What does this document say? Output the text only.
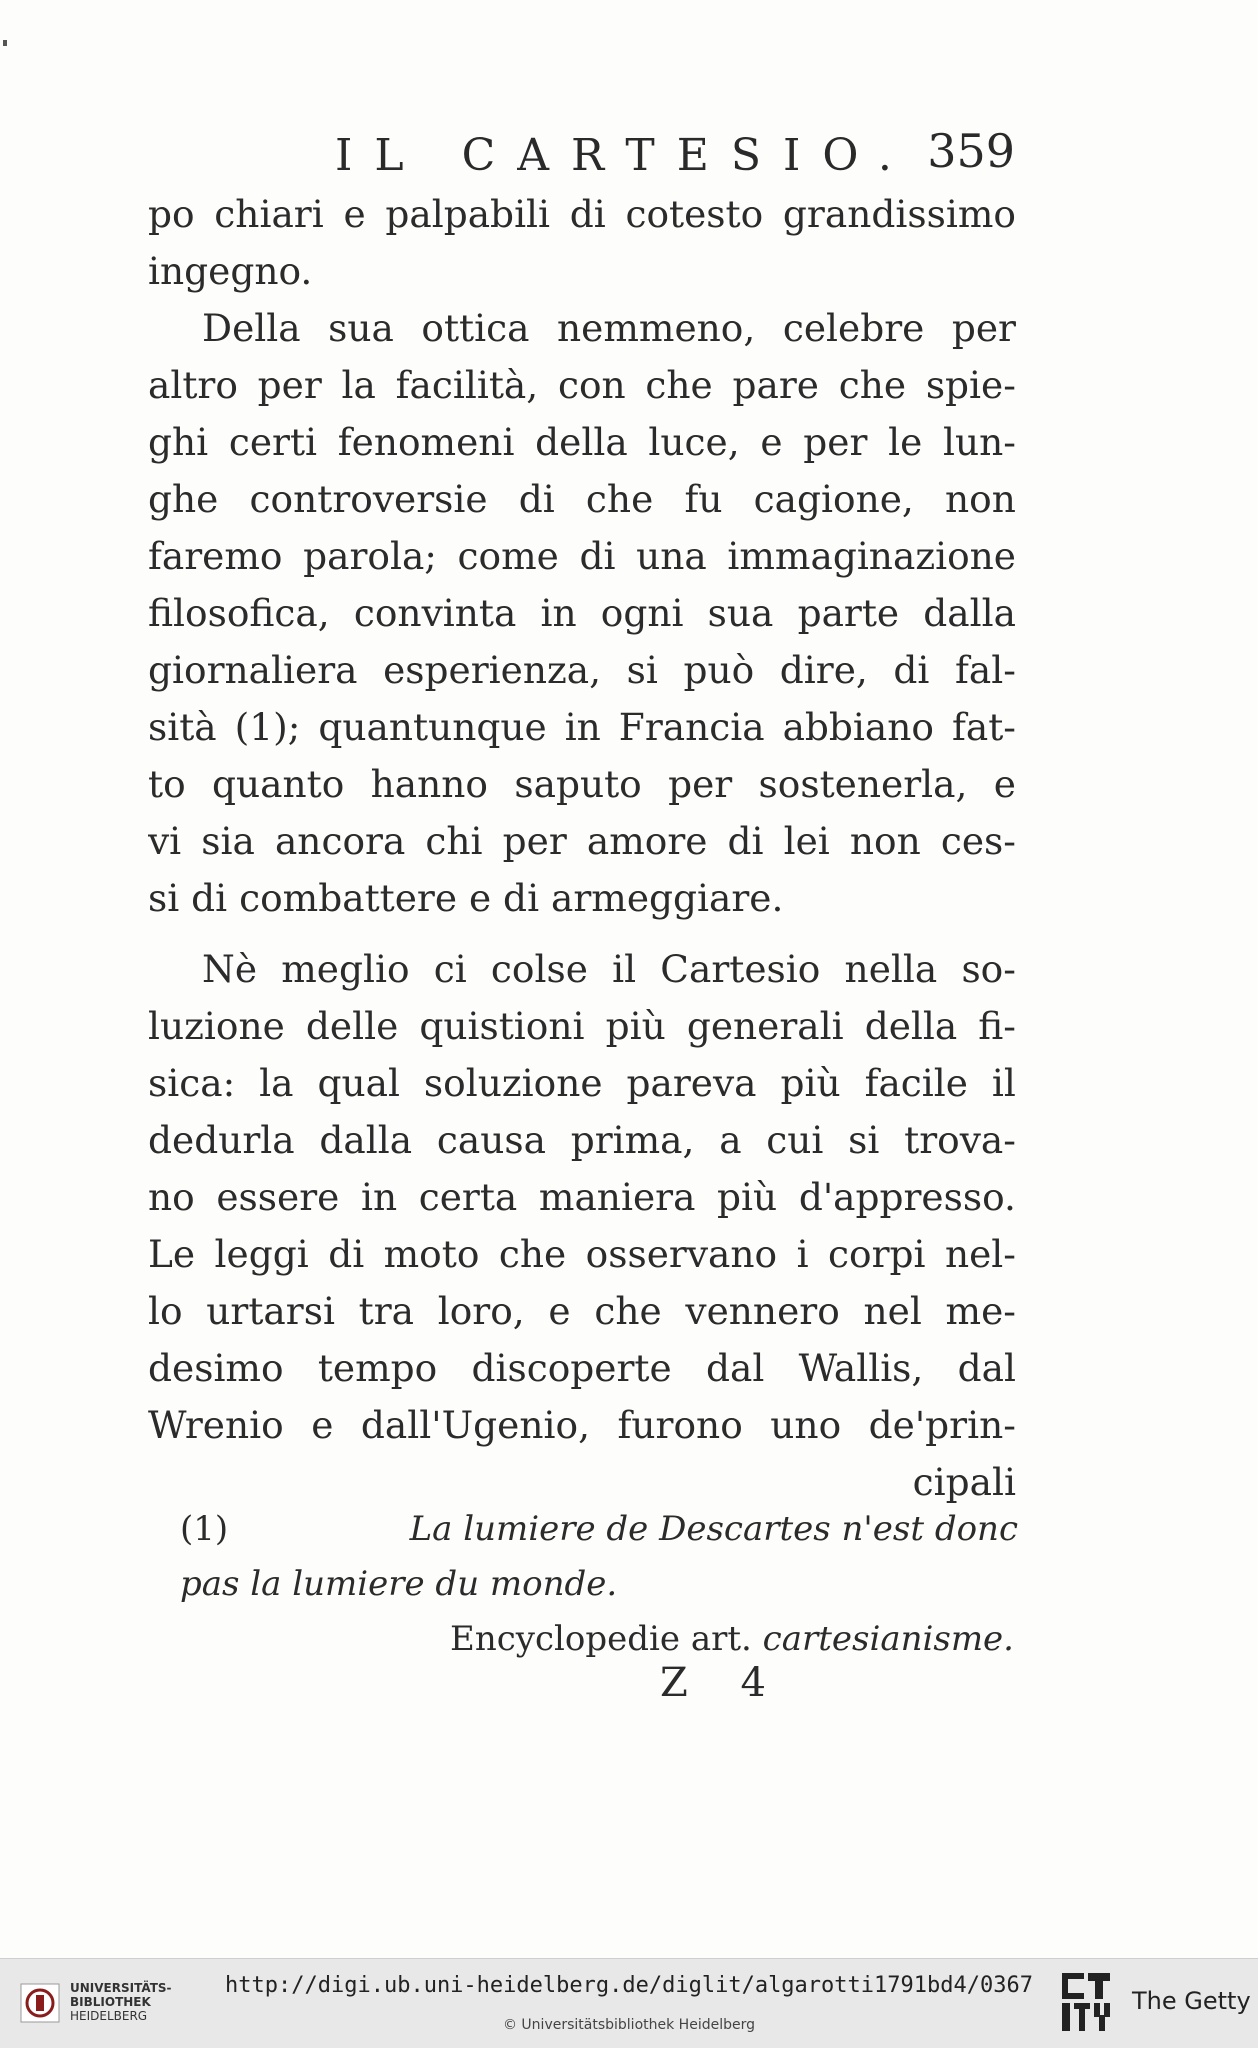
IL CARTESIO. 359
po chiari e palpabili di cotesto grandissimo
ingegno.
Della sua ottica nemmeno, celebre per
altro per la facilità, con che pare che spie-
ghi certi fenomeni della luce, e per le lun-
ghe controversie di che fu cagione, non
faremo parola; come di una immaginazione
filosofica, convinta in ogni sua parte dalla
giornaliera esperienza, si può dire, di fal-
sità (1); quantunque in Francia abbiano fat-
to quanto hanno saputo per sostenerla, e
vi sia ancora chi per amore di lei non ces-
si di combattere e di armeggiare.
Nè meglio ci colse il Cartesio nella so-
luzione delle quistioni più generali della fi-
sica: la qual soluzione pareva più facile il
dedurla dalla causa prima, a cui si trova-
no essere in certa maniera più d'appresso.
Le leggi di moto che osservano i corpi nel-
lo urtarsi tra loro, e che vennero nel me-
desimo tempo discoperte dal Wallis, dal
Wrenio e dall'Ugenio, furono uno de'prin-
cipali
(1)	La lumiere de Descartes n'est donc
pas la lumiere du monde.
Encyclopedie art.
cartesianisme.
Z 4
UNIVERSITÄTS-
BIBLIOTHEK
HEIDELBERG
http://digi.ub.uni-heidelberg.de/diglit/algarotti1791bd4/0367
© Universitätsbibliothek Heidelberg
The Getty
